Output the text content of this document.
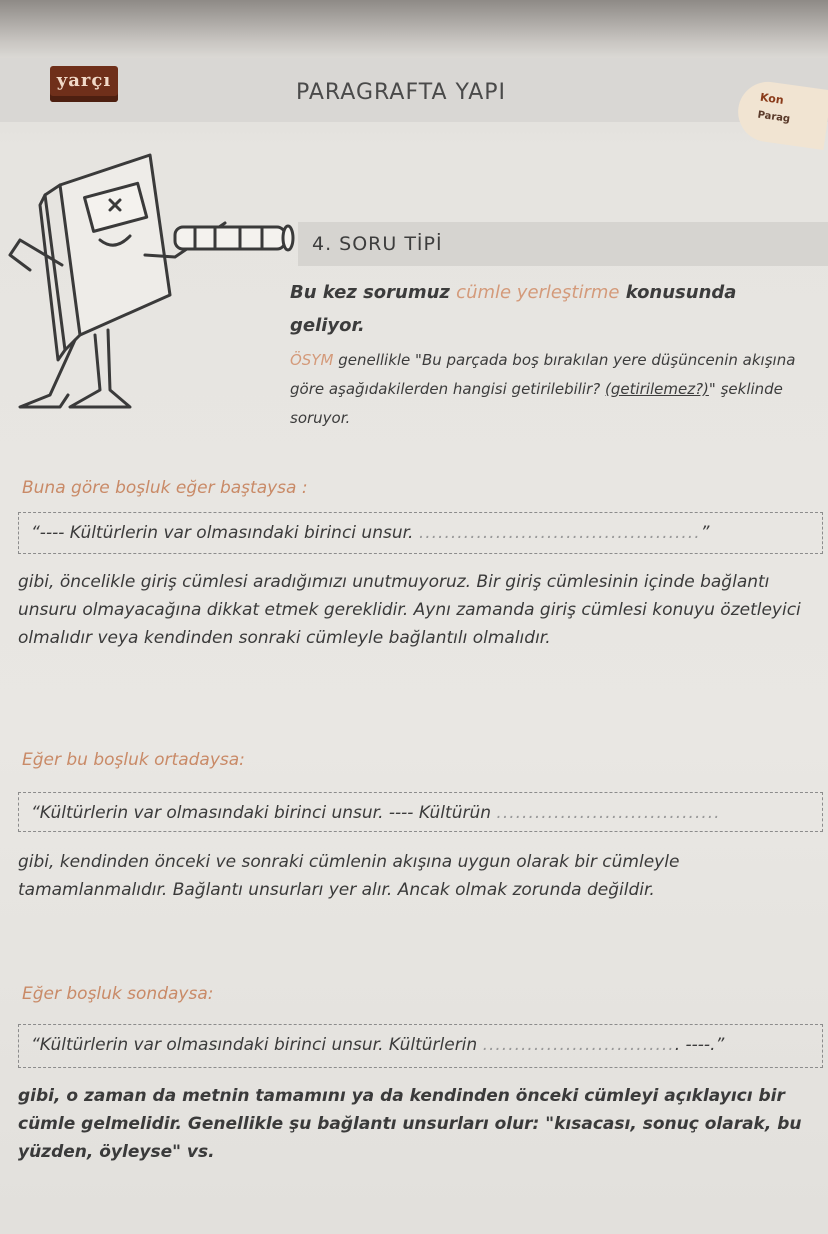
yarçı	PARAGRAFTA YAPI	Kon
Parag
4. SORU TİPİ
Bu kez sorumuz cümle yerleştirme konusunda
geliyor.
ÖSYM genellikle "Bu parçada boş bırakılan yere düşüncenin akışına göre aşağıdakilerden hangisi getirilebilir? (getirilemez?)" şeklinde soruyor.
Buna göre boşluk eğer baştaysa :
“---- Kültürlerin var olmasındaki birinci unsur. ............................................”
gibi, öncelikle giriş cümlesi aradığımızı unutmuyoruz. Bir giriş cümlesinin içinde bağlantı unsuru olmayacağına dikkat etmek gereklidir. Aynı zamanda giriş cümlesi konuyu özetleyici olmalıdır veya kendinden sonraki cümleyle bağlantılı olmalıdır.
Eğer bu boşluk ortadaysa:
“Kültürlerin var olmasındaki birinci unsur. ---- Kültürün ...................................
gibi, kendinden önceki ve sonraki cümlenin akışına uygun olarak bir cümleyle tamamlanmalıdır. Bağlantı unsurları yer alır. Ancak olmak zorunda değildir.
Eğer boşluk sondaysa:
“Kültürlerin var olmasındaki birinci unsur. Kültürlerin ............................... ----.”
gibi, o zaman da metnin tamamını ya da kendinden önceki cümleyi açıklayıcı bir cümle gelmelidir. Genellikle şu bağlantı unsurları olur: "kısacası, sonuç olarak, bu yüzden, öyleyse" vs.
